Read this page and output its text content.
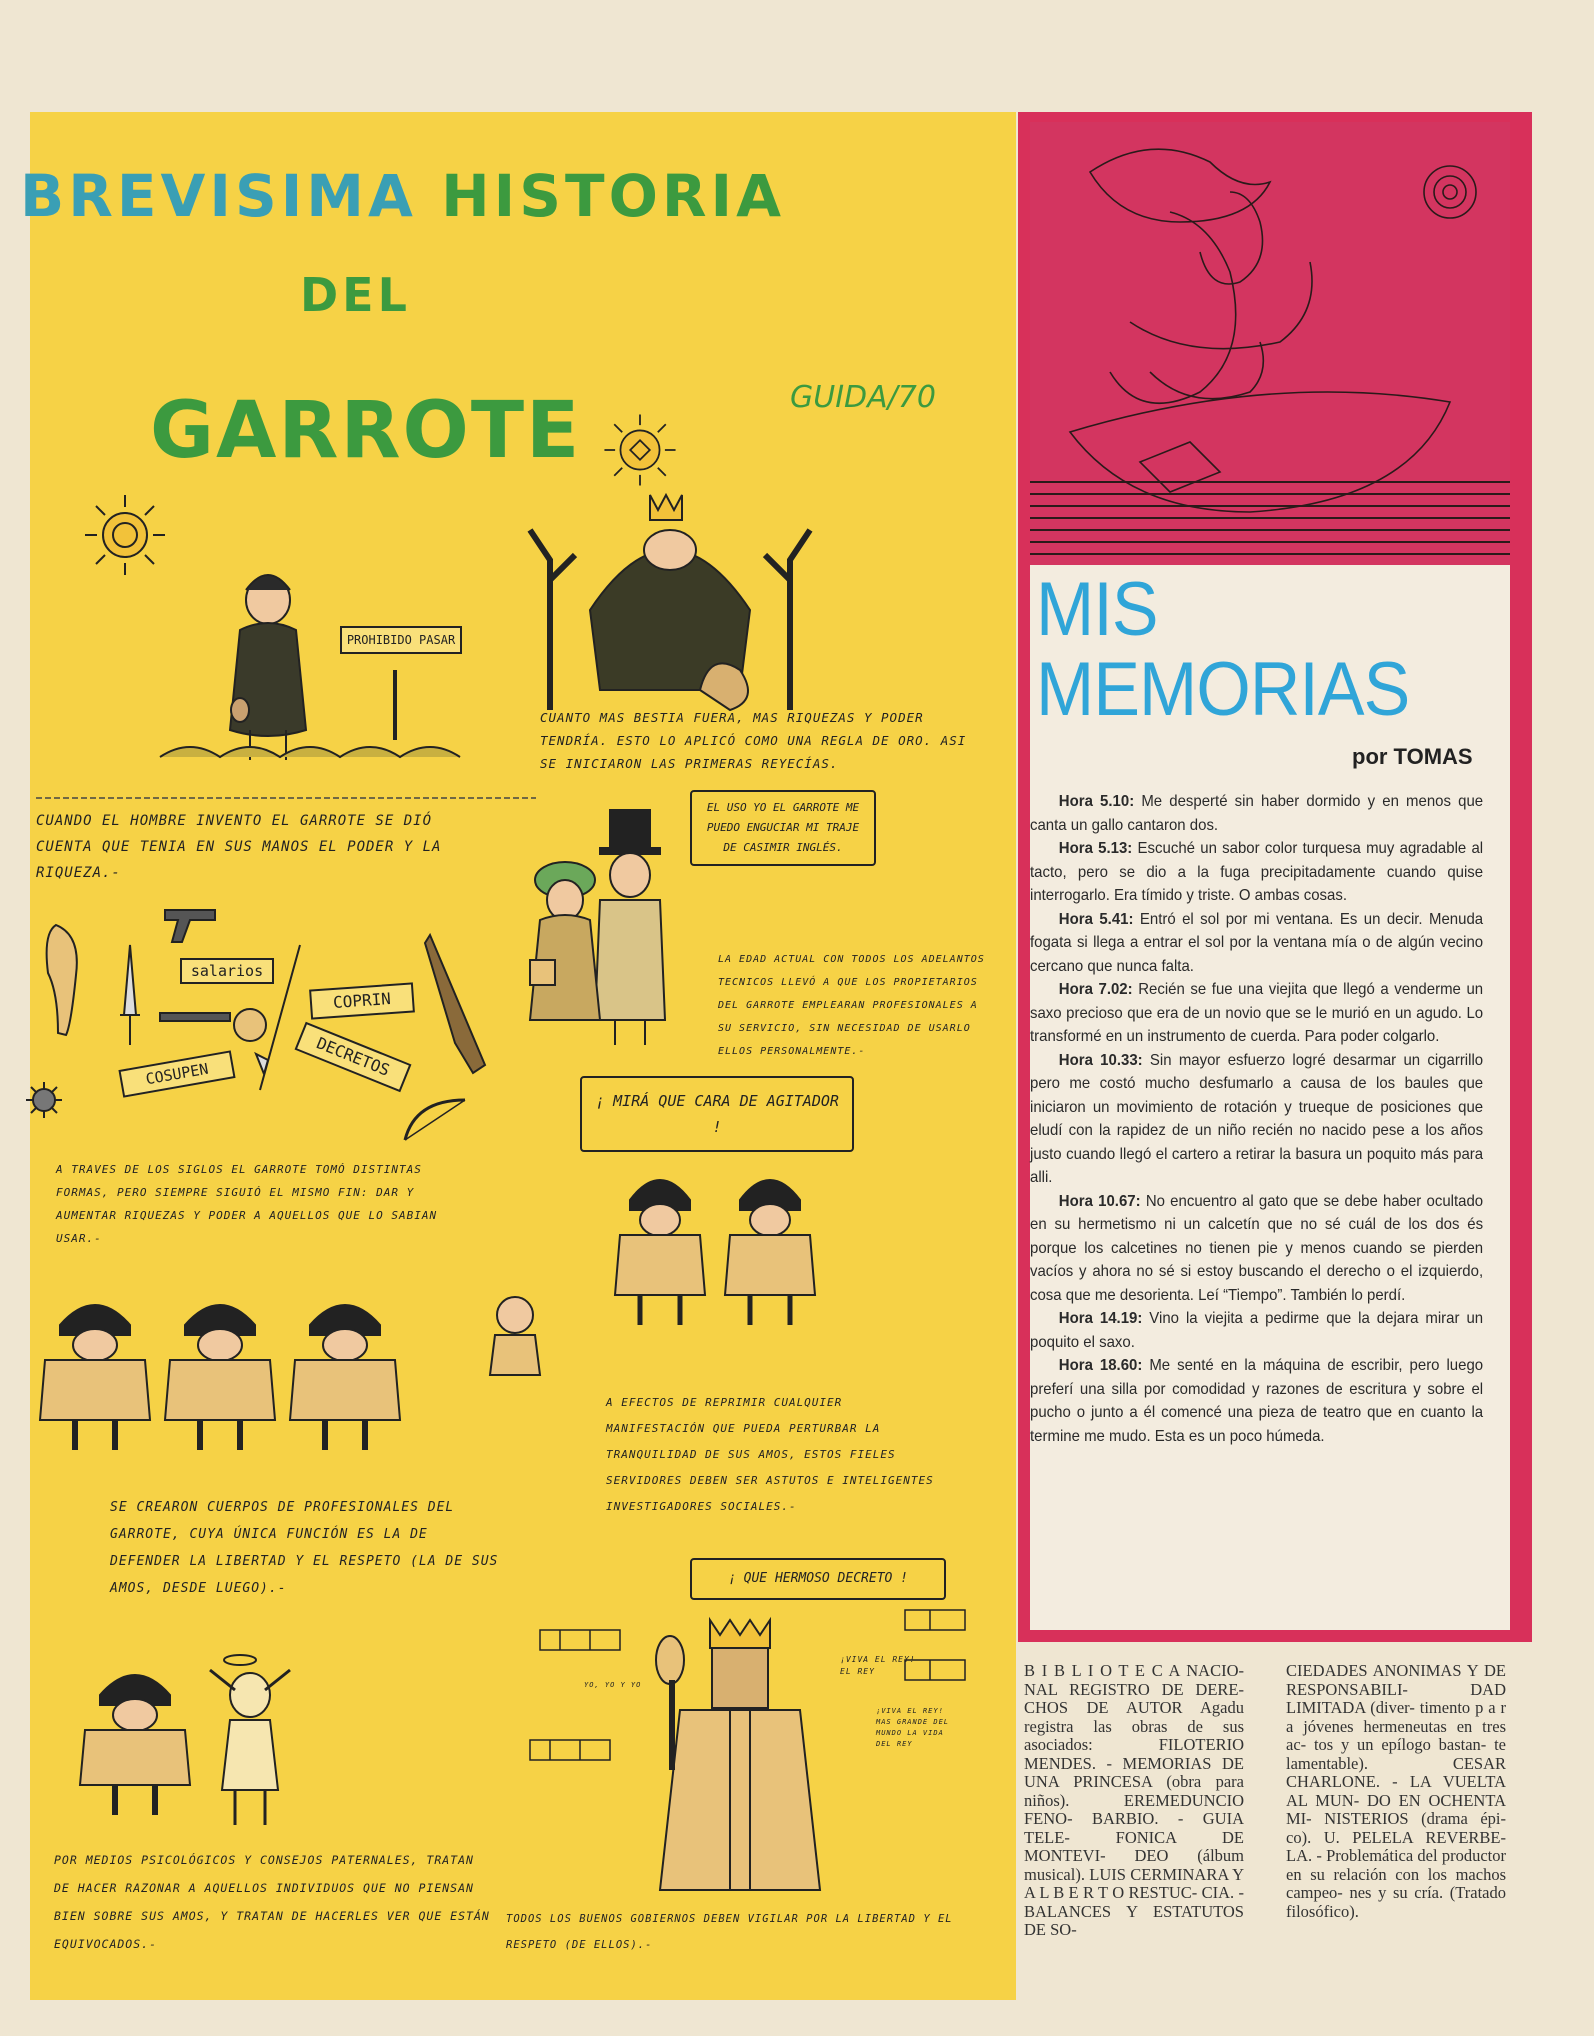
BREVISIMA HISTORIA
DEL
GARROTE	GUIDA/70
PROHIBIDO PASAR
CUANTO MAS BESTIA FUERA, MAS RIQUEZAS Y PODER TENDRÍA. ESTO LO APLICÓ COMO UNA REGLA DE ORO. ASI SE INICIARON LAS PRIMERAS REYECÍAS.
CUANDO EL HOMBRE INVENTO EL GARROTE SE DIÓ CUENTA QUE TENIA EN SUS MANOS EL PODER Y LA RIQUEZA.-
salarios
COPRIN
DECRETOS
COSUPEN
EL USO YO EL GARROTE ME PUEDO ENGUCIAR MI TRAJE DE CASIMIR INGLÉS.
LA EDAD ACTUAL CON TODOS LOS ADELANTOS TECNICOS LLEVÓ A QUE LOS PROPIETARIOS DEL GARROTE EMPLEARAN PROFESIONALES A SU SERVICIO, SIN NECESIDAD DE USARLO ELLOS PERSONALMENTE.-
¡ MIRÁ QUE CARA DE AGITADOR !
A TRAVES DE LOS SIGLOS EL GARROTE TOMÓ DISTINTAS FORMAS, PERO SIEMPRE SIGUIÓ EL MISMO FIN: DAR Y AUMENTAR RIQUEZAS Y PODER A AQUELLOS QUE LO SABIAN USAR.-
A EFECTOS DE REPRIMIR CUALQUIER MANIFESTACIÓN QUE PUEDA PERTURBAR LA TRANQUILIDAD DE SUS AMOS, ESTOS FIELES SERVIDORES DEBEN SER ASTUTOS E INTELIGENTES INVESTIGADORES SOCIALES.-
SE CREARON CUERPOS DE PROFESIONALES DEL GARROTE, CUYA ÚNICA FUNCIÓN ES LA DE DEFENDER LA LIBERTAD Y EL RESPETO (LA DE SUS AMOS, DESDE LUEGO).-
¡ QUE HERMOSO DECRETO !
¡VIVA EL REY! EL REY
¡VIVA EL REY! MAS GRANDE DEL MUNDO LA VIDA DEL REY
YO, YO Y YO
POR MEDIOS PSICOLÓGICOS Y CONSEJOS PATERNALES, TRATAN DE HACER RAZONAR A AQUELLOS INDIVIDUOS QUE NO PIENSAN BIEN SOBRE SUS AMOS, Y TRATAN DE HACERLES VER QUE ESTÁN EQUIVOCADOS.-
TODOS LOS BUENOS GOBIERNOS DEBEN VIGILAR POR LA LIBERTAD Y EL RESPETO (DE ELLOS).-
MIS
MEMORIAS
por TOMAS

Hora 5.10: Me desperté sin haber dormido y en menos que canta un gallo cantaron dos.

Hora 5.13: Escuché un sabor color turquesa muy agradable al tacto, pero se dio a la fuga precipitadamente cuando quise interrogarlo. Era tímido y triste. O ambas cosas.

Hora 5.41: Entró el sol por mi ventana. Es un decir. Menuda fogata si llega a entrar el sol por la ventana mía o de algún vecino cercano que nunca falta.

Hora 7.02: Recién se fue una viejita que llegó a venderme un saxo precioso que era de un novio que se le murió en un agudo. Lo transformé en un instrumento de cuerda. Para poder colgarlo.

Hora 10.33: Sin mayor esfuerzo logré desarmar un cigarrillo pero me costó mucho desfumarlo a causa de los baules que iniciaron un movimiento de rotación y trueque de posiciones que eludí con la rapidez de un niño recién no nacido pese a los años justo cuando llegó el cartero a retirar la basura un poquito más para alli.

Hora 10.67: No encuentro al gato que se debe haber ocultado en su hermetismo ni un calcetín que no sé cuál de los dos és porque los calcetines no tienen pie y menos cuando se pierden vacíos y ahora no sé si estoy buscando el derecho o el izquierdo, cosa que me desorienta. Leí “Tiempo”. También lo perdí.

Hora 14.19: Vino la viejita a pedirme que la dejara mirar un poquito el saxo.

Hora 18.60: Me senté en la máquina de escribir, pero luego preferí una silla por comodidad y razones de escritura y sobre el pucho o junto a él comencé una pieza de teatro que en cuanto la termine me mudo. Esta es un poco húmeda.

B I B L I O T E C A NACIO- NAL REGISTRO DE DERE- CHOS DE AUTOR Agadu registra las obras de sus asociados: FILOTERIO MENDES. - MEMORIAS DE UNA PRINCESA (obra para niños). EREMEDUNCIO FENO- BARBIO. - GUIA TELE- FONICA DE MONTEVI- DEO (álbum musical). LUIS CERMINARA Y A L B E R T O RESTUC- CIA. - BALANCES Y ESTATUTOS DE SO-

CIEDADES ANONIMAS Y DE RESPONSABILI- DAD LIMITADA (diver- timento p a r a jóvenes hermeneutas en tres ac- tos y un epílogo bastan- te lamentable). CESAR CHARLONE. - LA VUELTA AL MUN- DO EN OCHENTA MI- NISTERIOS (drama épi- co). U. PELELA REVERBE- LA. - Problemática del productor en su relación con los machos campeo- nes y su cría. (Tratado filosófico).
